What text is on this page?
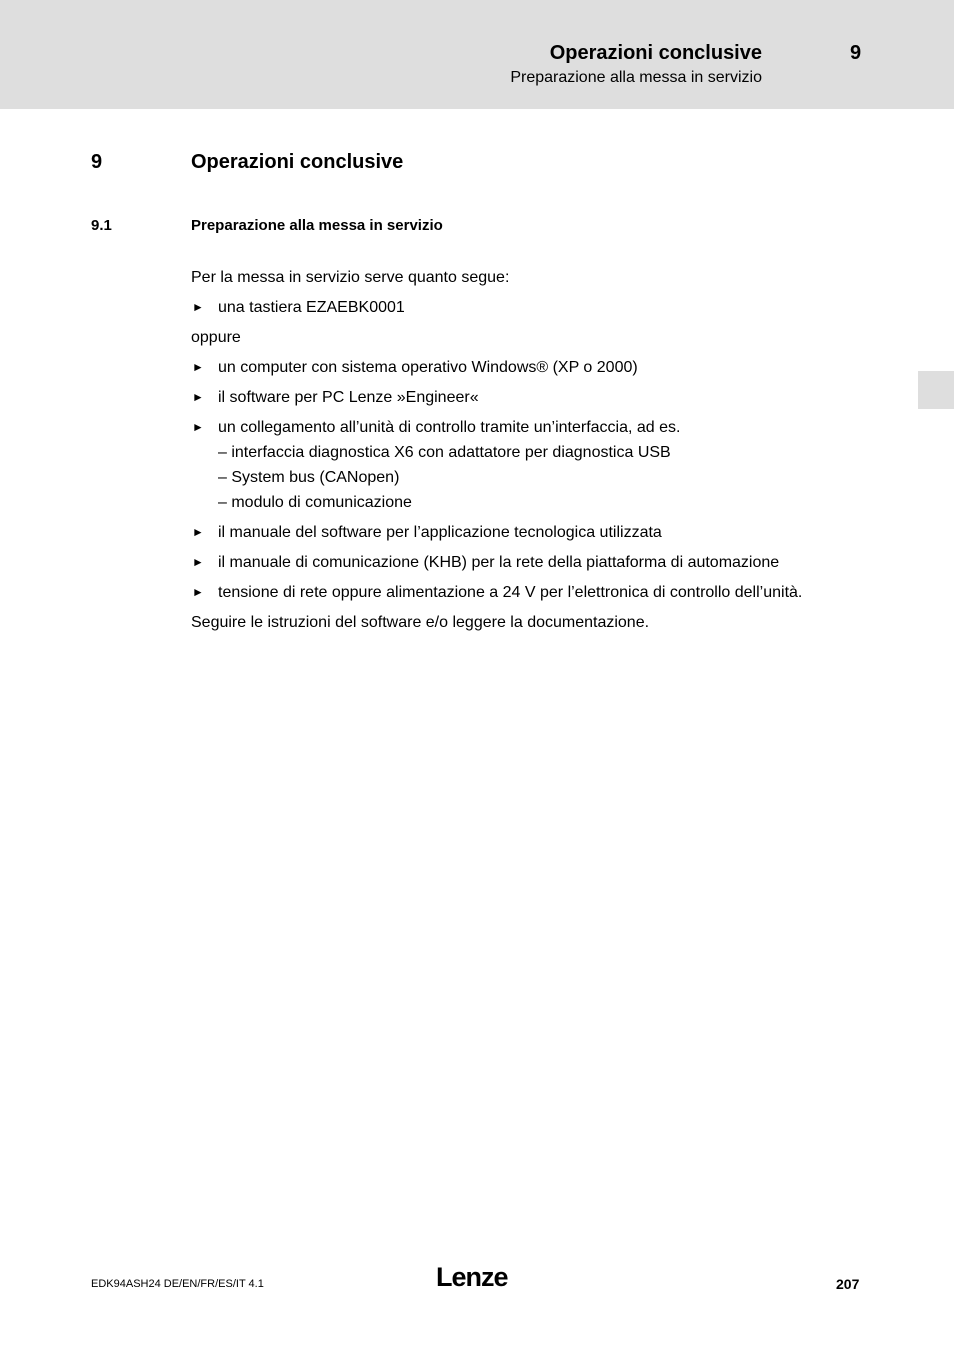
Operazioni conclusive	9
Preparazione alla messa in servizio
9	Operazioni conclusive
9.1	Preparazione alla messa in servizio
Per la messa in servizio serve quanto segue:
► una tastiera EZAEBK0001
oppure
► un computer con sistema operativo Windows® (XP o 2000)
► il software per PC Lenze »Engineer«
► un collegamento all’unità di controllo tramite un’interfaccia, ad es.
– interfaccia diagnostica X6 con adattatore per diagnostica USB
– System bus (CANopen)
– modulo di comunicazione
► il manuale del software per l’applicazione tecnologica utilizzata
► il manuale di comunicazione (KHB) per la rete della piattaforma di automazione
► tensione di rete oppure alimentazione a 24 V per l’elettronica di controllo dell’unità.
Seguire le istruzioni del software e/o leggere la documentazione.
EDK94ASH24 DE/EN/FR/ES/IT 4.1	Lenze	207
